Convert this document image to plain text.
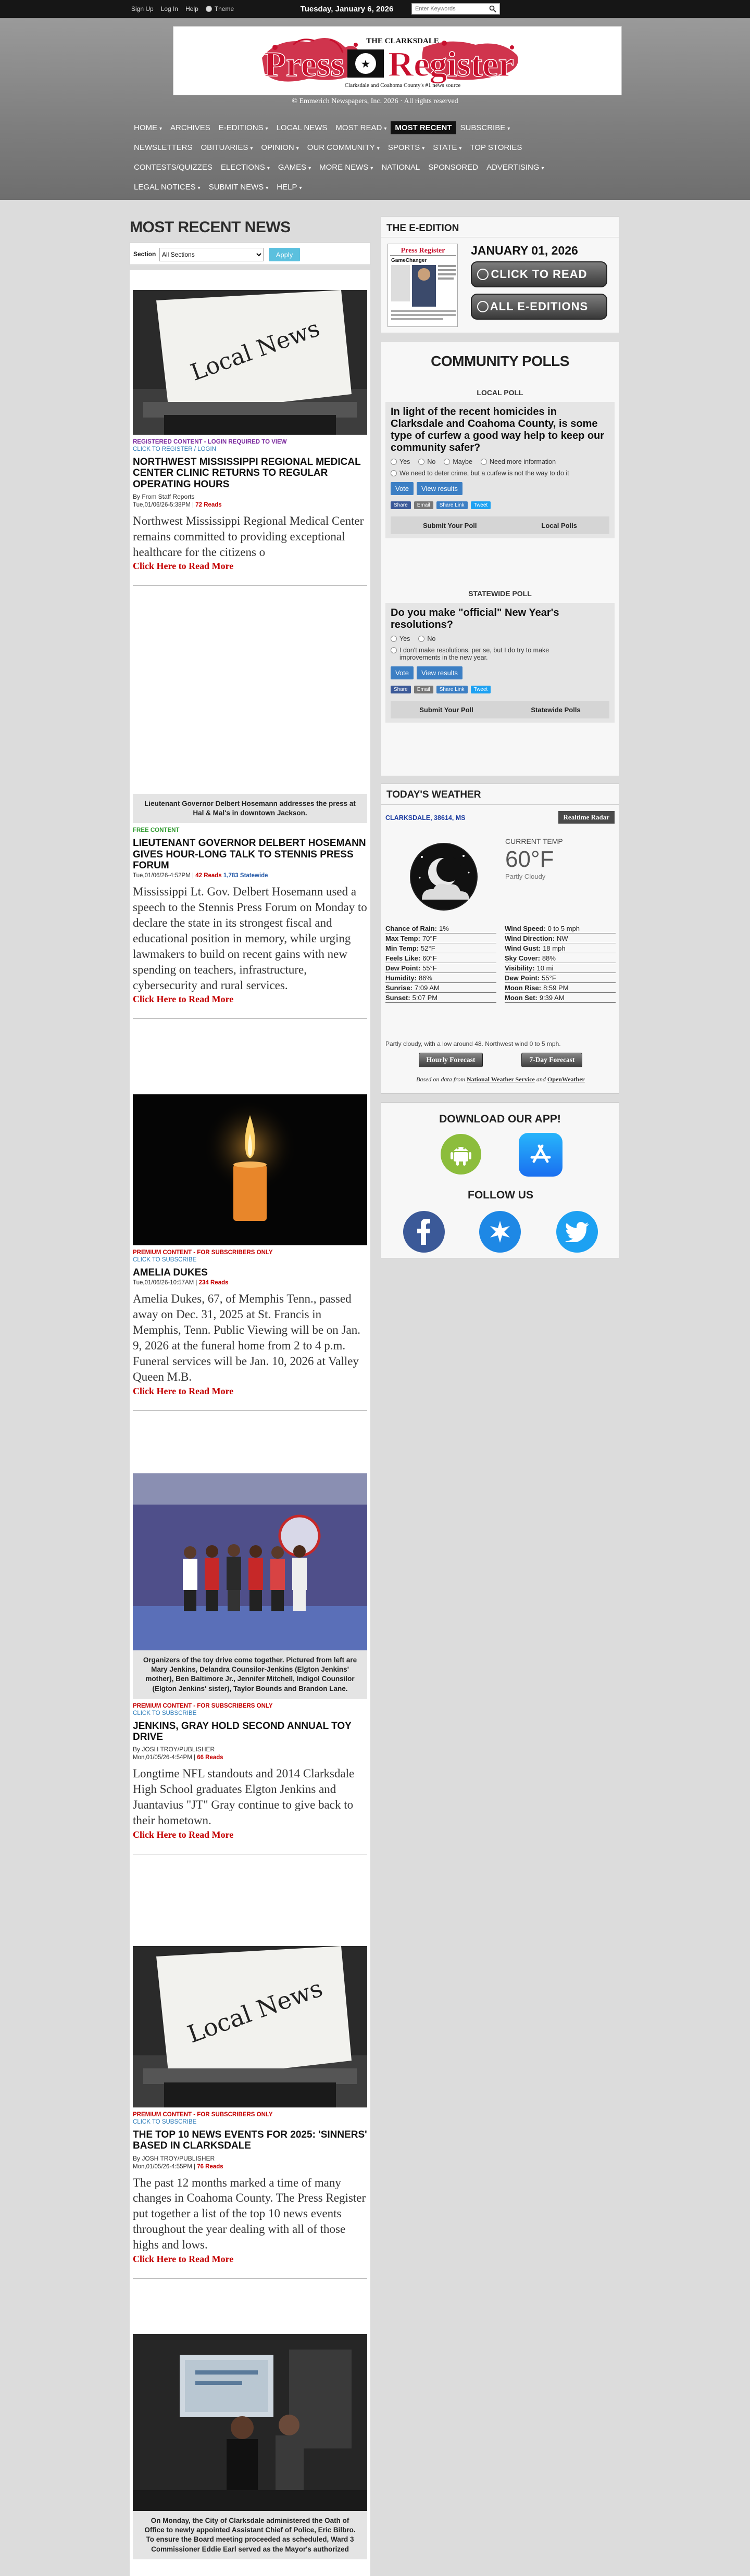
Sign Up Log In Help	Theme	Tuesday, January 6, 2026
Enter Keywords
THE CLARKSDALE
Press ★ Register
Clarksdale and Coahoma County's #1 news source
© Emmerich Newspapers, Inc. 2026 · All rights reserved
HOME ▾	ARCHIVES	E-EDITIONS ▾	LOCAL NEWS	MOST READ ▾	MOST RECENT	SUBSCRIBE ▾
NEWSLETTERS	OBITUARIES ▾	OPINION ▾	OUR COMMUNITY ▾	SPORTS ▾	STATE ▾	TOP STORIES
CONTESTS/QUIZZES	ELECTIONS ▾	GAMES ▾	MORE NEWS ▾	NATIONAL	SPONSORED	ADVERTISING ▾
LEGAL NOTICES ▾	SUBMIT NEWS ▾	HELP ▾
MOST RECENT NEWS
Section
All Sections	Apply
Local News
REGISTERED CONTENT - LOGIN REQUIRED TO VIEW
CLICK TO REGISTER / LOGIN
NORTHWEST MISSISSIPPI REGIONAL MEDICAL CENTER CLINIC RETURNS TO REGULAR OPERATING HOURS
By From Staff Reports
Tue,01/06/26-5:38PM | 72 Reads
Northwest Mississippi Regional Medical Center remains committed to providing exceptional healthcare for the citizens o
Click Here to Read More
Lieutenant Governor Delbert Hosemann addresses the press at Hal & Mal's in downtown Jackson.
FREE CONTENT
LIEUTENANT GOVERNOR DELBERT HOSEMANN GIVES HOUR-LONG TALK TO STENNIS PRESS FORUM
Tue,01/06/26-4:52PM | 42 Reads 1,783 Statewide
Mississippi Lt. Gov. Delbert Hosemann used a speech to the Stennis Press Forum on Monday to declare the state in its strongest fiscal and educational position in memory, while urging lawmakers to build on recent gains with new spending on teachers, infrastructure, cybersecurity and rural services.
Click Here to Read More
PREMIUM CONTENT - FOR SUBSCRIBERS ONLY
CLICK TO SUBSCRIBE
AMELIA DUKES
Tue,01/06/26-10:57AM | 234 Reads
Amelia Dukes, 67, of Memphis Tenn., passed away on Dec. 31, 2025 at St. Francis in Memphis, Tenn. Public Viewing will be on Jan. 9, 2026 at the funeral home from 2 to 4 p.m. Funeral services will be Jan. 10, 2026 at Valley Queen M.B.
Click Here to Read More
Organizers of the toy drive come together. Pictured from left are Mary Jenkins, Delandra Counsilor-Jenkins (Elgton Jenkins' mother), Ben Baltimore Jr., Jennifer Mitchell, Indigol Counsilor (Elgton Jenkins' sister), Taylor Bounds and Brandon Lane.
PREMIUM CONTENT - FOR SUBSCRIBERS ONLY
CLICK TO SUBSCRIBE
JENKINS, GRAY HOLD SECOND ANNUAL TOY DRIVE
By JOSH TROY/PUBLISHER
Mon,01/05/26-4:54PM | 66 Reads
Longtime NFL standouts and 2014 Clarksdale High School graduates Elgton Jenkins and Juantavius "JT" Gray continue to give back to their hometown.
Click Here to Read More
Local News
PREMIUM CONTENT - FOR SUBSCRIBERS ONLY
CLICK TO SUBSCRIBE
THE TOP 10 NEWS EVENTS FOR 2025: 'SINNERS' BASED IN CLARKSDALE
By JOSH TROY/PUBLISHER
Mon,01/05/26-4:55PM | 76 Reads
The past 12 months marked a time of many changes in Coahoma County. The Press Register put together a list of the top 10 news events throughout the year dealing with all of those highs and lows.
Click Here to Read More
On Monday, the City of Clarksdale administered the Oath of Office to newly appointed Assistant Chief of Police, Eric Bilbro. To ensure the Board meeting proceeded as scheduled, Ward 3 Commissioner Eddie Earl served as the Mayor's authorized
THE E-EDITION
Press Register
GameChanger
JANUARY 01, 2026
CLICK TO READ
ALL E-EDITIONS
COMMUNITY POLLS
LOCAL POLL
In light of the recent homicides in Clarksdale and Coahoma County, is some type of curfew a good way help to keep our community safer?
Yes	No	Maybe	Need more information
We need to deter crime, but a curfew is not the way to do it
Vote	View results
Share	Email	Share Link	Tweet
Submit Your Poll	Local Polls
STATEWIDE POLL
Do you make "official" New Year's resolutions?
Yes	No
I don't make resolutions, per se, but I do try to make improvements in the new year.
Vote	View results
Share	Email	Share Link	Tweet
Submit Your Poll	Statewide Polls
TODAY'S WEATHER
CLARKSDALE, 38614, MS	Realtime Radar
CURRENT TEMP
60°F
Partly Cloudy
Chance of Rain: 1%	Wind Speed: 0 to 5 mph
Max Temp: 70°F	Wind Direction: NW
Min Temp: 52°F	Wind Gust: 18 mph
Feels Like: 60°F	Sky Cover: 88%
Dew Point: 55°F	Visibility: 10 mi
Humidity: 86%	Dew Point: 55°F
Sunrise: 7:09 AM	Moon Rise: 8:59 PM
Sunset: 5:07 PM	Moon Set: 9:39 AM
Partly cloudy, with a low around 48. Northwest wind 0 to 5 mph.
Hourly Forecast	7-Day Forecast
Based on data from National Weather Service and OpenWeather
DOWNLOAD OUR APP!
FOLLOW US
